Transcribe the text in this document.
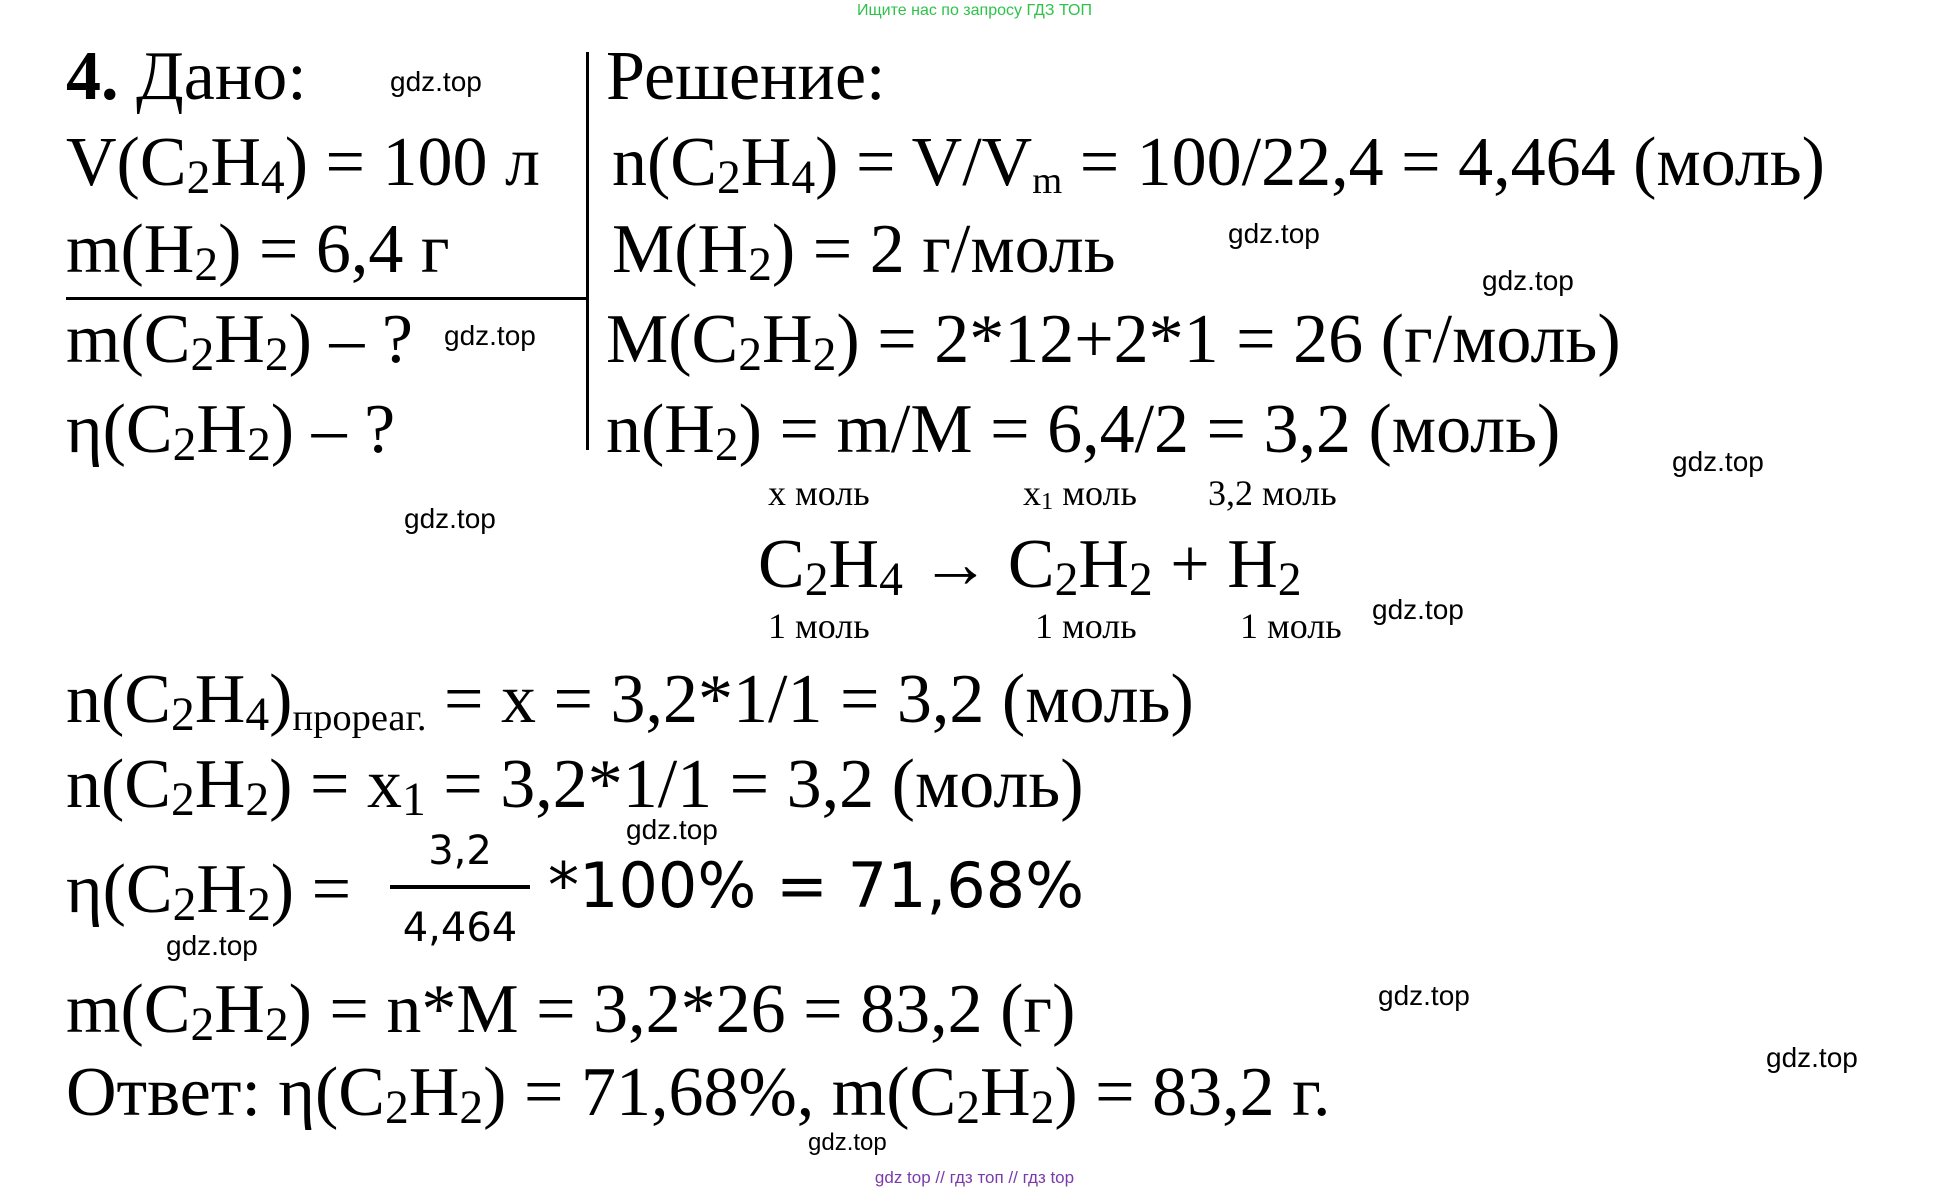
Ищите нас по запросу ГДЗ ТОП
4. Дано:
V(C2H4) = 100 л
m(H2) = 6,4 г
m(C2H2) – ?
η(C2H2) – ?
Решение:
n(C2H4) = V/Vm = 100/22,4 = 4,464 (моль)
M(H2) = 2 г/моль
M(C2H2) = 2*12+2*1 = 26 (г/моль)
n(H2) = m/M = 6,4/2 = 3,2 (моль)
x моль	x1 моль 3,2 моль
C2H4 → C2H2 + H2
1 моль	1 моль	1 моль
n(C2H4)прореаг. = x = 3,2*1/1 = 3,2 (моль)
n(C2H2) = x1 = 3,2*1/1 = 3,2 (моль)
η(C2H2) =	3,2
4,464
*100% = 71,68%
m(C2H2) = n*M = 3,2*26 = 83,2 (г)
Ответ: η(C2H2) = 71,68%, m(C2H2) = 83,2 г.
gdz.top
gdz.top
gdz.top
gdz.top
gdz.top
gdz.top
gdz.top
gdz.top
gdz.top
gdz.top
gdz.top
gdz.top
gdz top // гдз топ // гдз top
